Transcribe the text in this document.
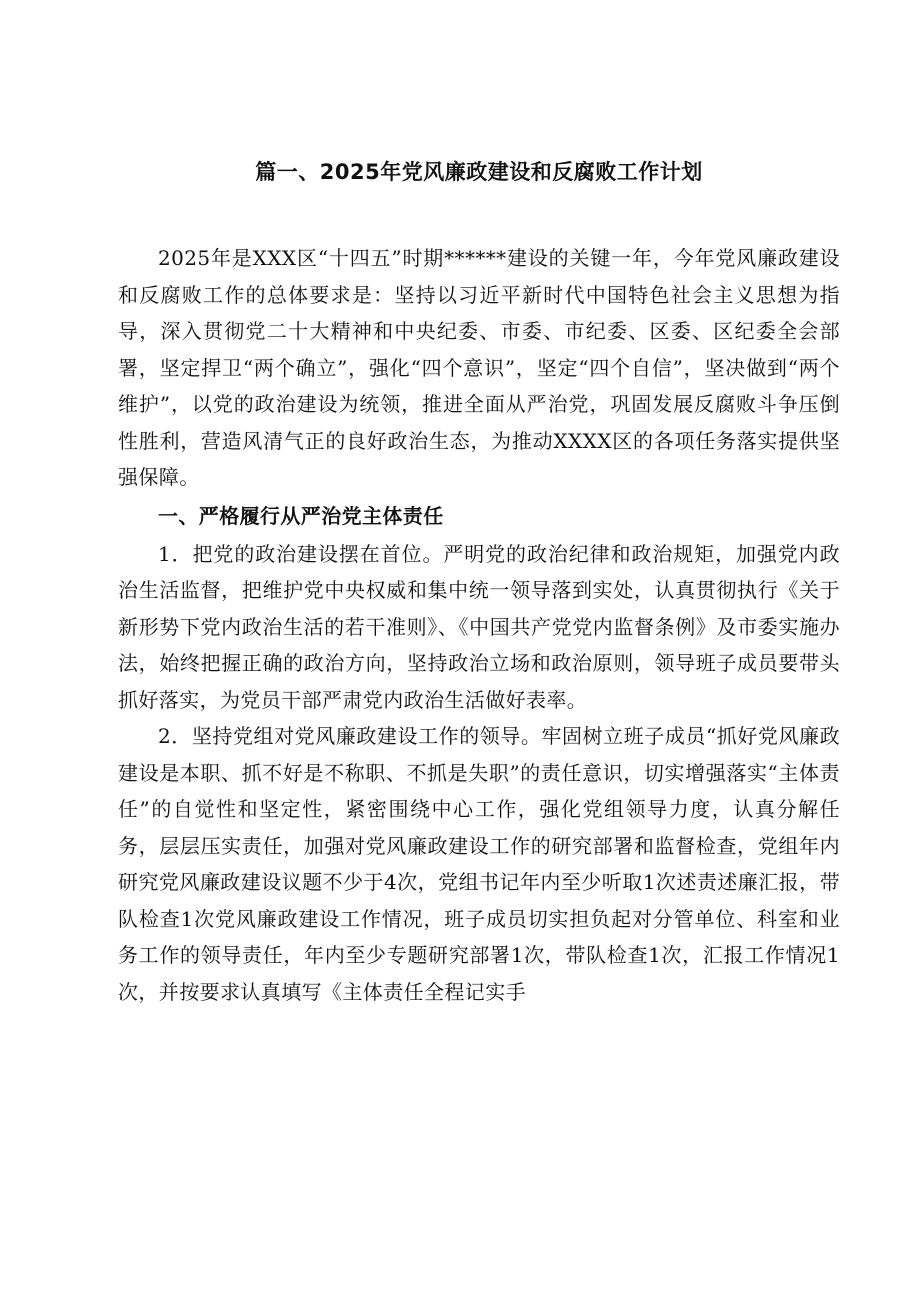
篇一、2025年党风廉政建设和反腐败工作计划

2025年是XXX区“十四五”时期******建设的关键一年，今年党风廉政建设和反腐败工作的总体要求是：坚持以习近平新时代中国特色社会主义思想为指导，深入贯彻党二十大精神和中央纪委、市委、市纪委、区委、区纪委全会部署，坚定捍卫“两个确立”，强化“四个意识”，坚定“四个自信”，坚决做到“两个维护”，以党的政治建设为统领，推进全面从严治党，巩固发展反腐败斗争压倒性胜利，营造风清气正的良好政治生态，为推动XXXX区的各项任务落实提供坚强保障。

一、严格履行从严治党主体责任

1．把党的政治建设摆在首位。严明党的政治纪律和政治规矩，加强党内政治生活监督，把维护党中央权威和集中统一领导落到实处，认真贯彻执行《关于新形势下党内政治生活的若干准则》、《中国共产党党内监督条例》及市委实施办法，始终把握正确的政治方向，坚持政治立场和政治原则，领导班子成员要带头抓好落实，为党员干部严肃党内政治生活做好表率。

2．坚持党组对党风廉政建设工作的领导。牢固树立班子成员“抓好党风廉政建设是本职、抓不好是不称职、不抓是失职”的责任意识，切实增强落实“主体责任”的自觉性和坚定性，紧密围绕中心工作，强化党组领导力度，认真分解任务，层层压实责任，加强对党风廉政建设工作的研究部署和监督检查，党组年内研究党风廉政建设议题不少于4次，党组书记年内至少听取1次述责述廉汇报，带队检查1次党风廉政建设工作情况，班子成员切实担负起对分管单位、科室和业务工作的领导责任，年内至少专题研究部署1次，带队检查1次，汇报工作情况1次，并按要求认真填写《主体责任全程记实手
